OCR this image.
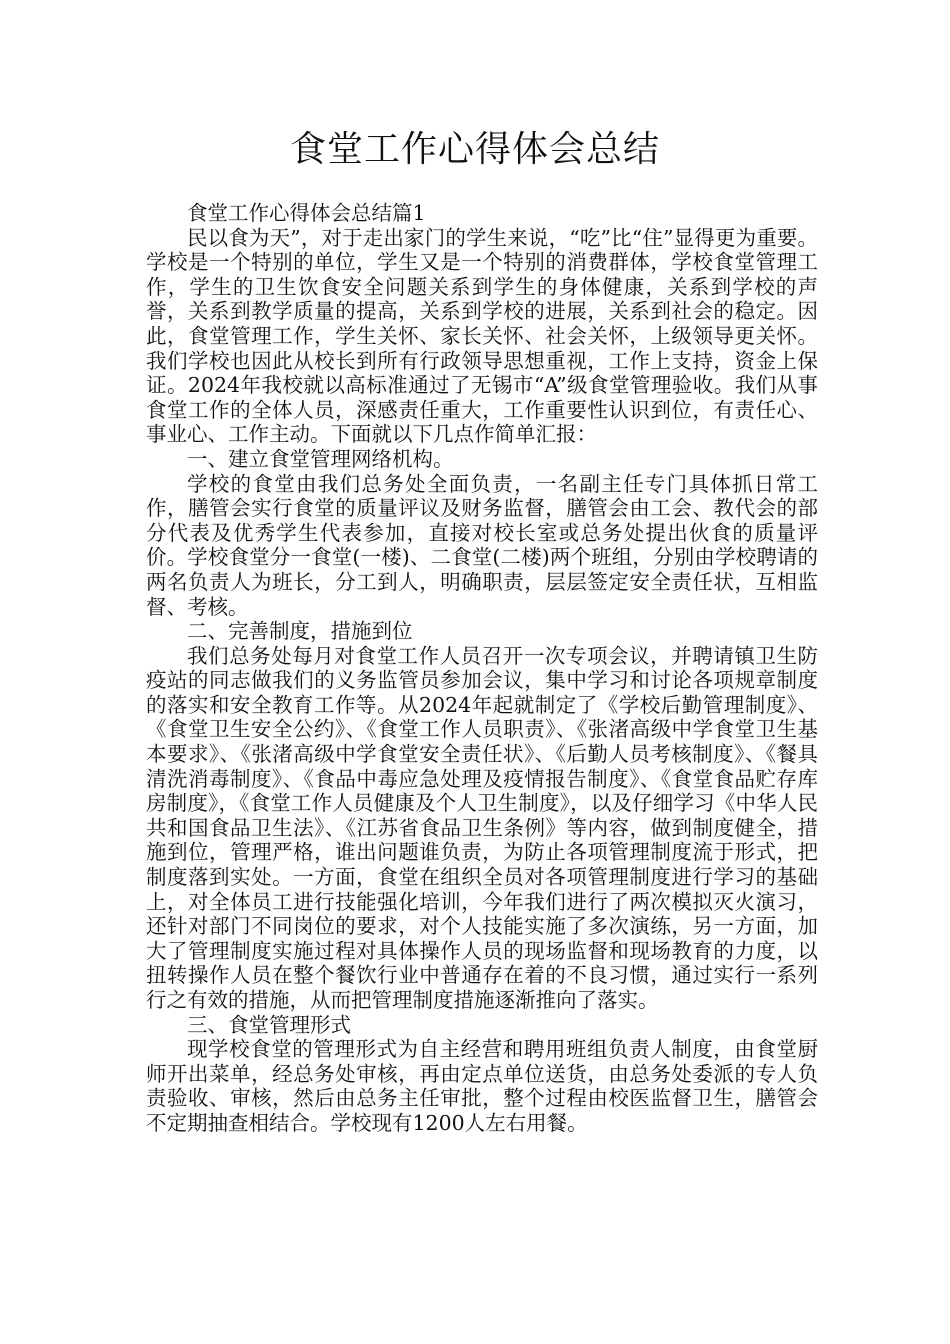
食堂工作心得体会总结

食堂工作心得体会总结篇1

民以食为天”，对于走出家门的学生来说，“吃”比“住”显得更为重要。学校是一个特别的单位，学生又是一个特别的消费群体，学校食堂管理工作，学生的卫生饮食安全问题关系到学生的身体健康，关系到学校的声誉，关系到教学质量的提高，关系到学校的进展，关系到社会的稳定。因此，食堂管理工作，学生关怀、家长关怀、社会关怀，上级领导更关怀。我们学校也因此从校长到所有行政领导思想重视，工作上支持，资金上保证。2024年我校就以高标准通过了无锡市“A”级食堂管理验收。我们从事食堂工作的全体人员，深感责任重大，工作重要性认识到位，有责任心、事业心、工作主动。下面就以下几点作简单汇报：

一、建立食堂管理网络机构。

学校的食堂由我们总务处全面负责，一名副主任专门具体抓日常工作，膳管会实行食堂的质量评议及财务监督，膳管会由工会、教代会的部分代表及优秀学生代表参加，直接对校长室或总务处提出伙食的质量评价。学校食堂分一食堂(一楼)、二食堂(二楼)两个班组，分别由学校聘请的两名负责人为班长，分工到人，明确职责，层层签定安全责任状，互相监督、考核。

二、完善制度，措施到位

我们总务处每月对食堂工作人员召开一次专项会议，并聘请镇卫生防疫站的同志做我们的义务监管员参加会议，集中学习和讨论各项规章制度的落实和安全教育工作等。从2024年起就制定了《学校后勤管理制度》、《食堂卫生安全公约》、《食堂工作人员职责》、《张渚高级中学食堂卫生基本要求》、《张渚高级中学食堂安全责任状》、《后勤人员考核制度》、《餐具清洗消毒制度》、《食品中毒应急处理及疫情报告制度》、《食堂食品贮存库房制度》，《食堂工作人员健康及个人卫生制度》，以及仔细学习《中华人民共和国食品卫生法》、《江苏省食品卫生条例》等内容，做到制度健全，措施到位，管理严格，谁出问题谁负责，为防止各项管理制度流于形式，把制度落到实处。一方面，食堂在组织全员对各项管理制度进行学习的基础上，对全体员工进行技能强化培训，今年我们进行了两次模拟灭火演习，还针对部门不同岗位的要求，对个人技能实施了多次演练，另一方面，加大了管理制度实施过程对具体操作人员的现场监督和现场教育的力度，以扭转操作人员在整个餐饮行业中普通存在着的不良习惯，通过实行一系列行之有效的措施，从而把管理制度措施逐渐推向了落实。

三、食堂管理形式

现学校食堂的管理形式为自主经营和聘用班组负责人制度，由食堂厨师开出菜单，经总务处审核，再由定点单位送货，由总务处委派的专人负责验收、审核，然后由总务主任审批，整个过程由校医监督卫生，膳管会不定期抽查相结合。学校现有1200人左右用餐。
